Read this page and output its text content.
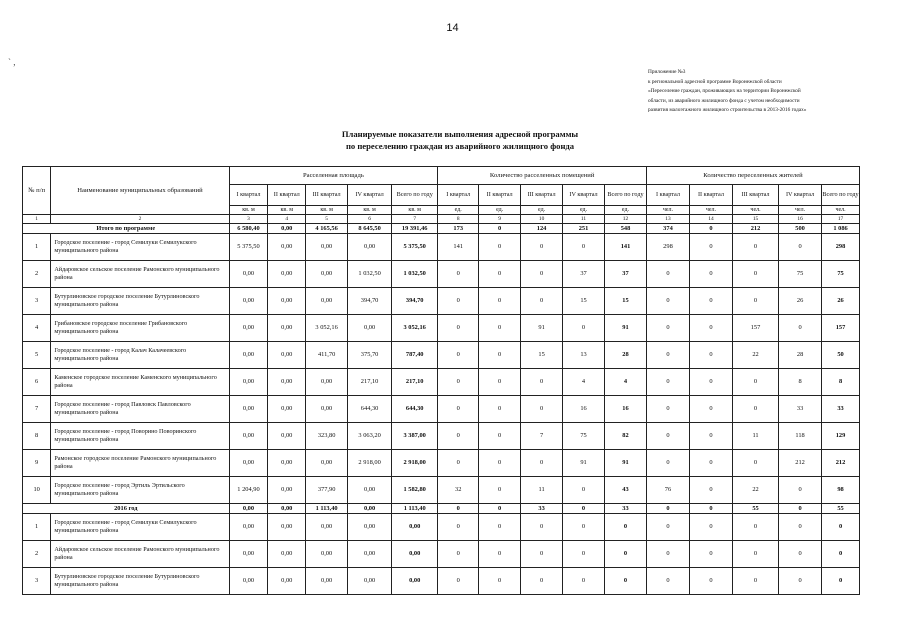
14
` ,
Приложение №3
к региональной адресной программе Воронежской области
«Переселение граждан, проживающих на территории Воронежской
области, из аварийного жилищного фонда с учетом необходимости
развития малоэтажного жилищного строительства в 2013-2016 годах»
Планируемые показатели выполнения адресной программы
по переселению граждан из аварийного жилищного фонда
№ п/п	Наименование муниципальных образований	Расселенная площадь					Количество расселенных помещений					Количество переселенных жителей				
		I квартал	II квартал	III квартал	IV квартал	Всего по году	I квартал	II квартал	III квартал	IV квартал	Всего по году	I квартал	II квартал	III квартал	IV квартал	Всего по году
		кв. м	кв. м	кв. м	кв. м	кв. м	ед.	ед.	ед.	ед.	ед.	чел.	чел.	чел.	чел.	чел.
1	2	3	4	5	6	7	8	9	10	11	12	13	14	15	16	17
Итого по программе		6 580,40	0,00	4 165,56	8 645,50	19 391,46	173	0	124	251	548	374	0	212	500	1 086
1	Городское поселение - город Семилуки Семилукского муниципального района	5 375,50	0,00	0,00	0,00	5 375,50	141	0	0	0	141	298	0	0	0	298
2	Айдаровское сельское поселение Рамонского муниципального района	0,00	0,00	0,00	1 032,50	1 032,50	0	0	0	37	37	0	0	0	75	75
3	Бутурлиновское городское поселение Бутурлиновского муниципального района	0,00	0,00	0,00	394,70	394,70	0	0	0	15	15	0	0	0	26	26
4	Грибановское городское поселение Грибановского муниципального района	0,00	0,00	3 052,16	0,00	3 052,16	0	0	91	0	91	0	0	157	0	157
5	Городское поселение - город Калач Калачеевского муниципального района	0,00	0,00	411,70	375,70	787,40	0	0	15	13	28	0	0	22	28	50
6	Каменское городское поселение Каменского муниципального района	0,00	0,00	0,00	217,10	217,10	0	0	0	4	4	0	0	0	8	8
7	Городское поселение - город Павловск Павловского муниципального района	0,00	0,00	0,00	644,30	644,30	0	0	0	16	16	0	0	0	33	33
8	Городское поселение - город Поворино Поворинского муниципального района	0,00	0,00	323,80	3 063,20	3 387,00	0	0	7	75	82	0	0	11	118	129
9	Рамонское городское поселение Рамонского муниципального района	0,00	0,00	0,00	2 918,00	2 918,00	0	0	0	91	91	0	0	0	212	212
10	Городское поселение - город Эртиль Эртильского муниципального района	1 204,90	0,00	377,90	0,00	1 582,80	32	0	11	0	43	76	0	22	0	98
2016 год		0,00	0,00	1 113,40	0,00	1 113,40	0	0	33	0	33	0	0	55	0	55
1	Городское поселение - город Семилуки Семилукского муниципального района	0,00	0,00	0,00	0,00	0,00	0	0	0	0	0	0	0	0	0	0
2	Айдаровское сельское поселение Рамонского муниципального района	0,00	0,00	0,00	0,00	0,00	0	0	0	0	0	0	0	0	0	0
3	Бутурлиновское городское поселение Бутурлиновского муниципального района	0,00	0,00	0,00	0,00	0,00	0	0	0	0	0	0	0	0	0	0
